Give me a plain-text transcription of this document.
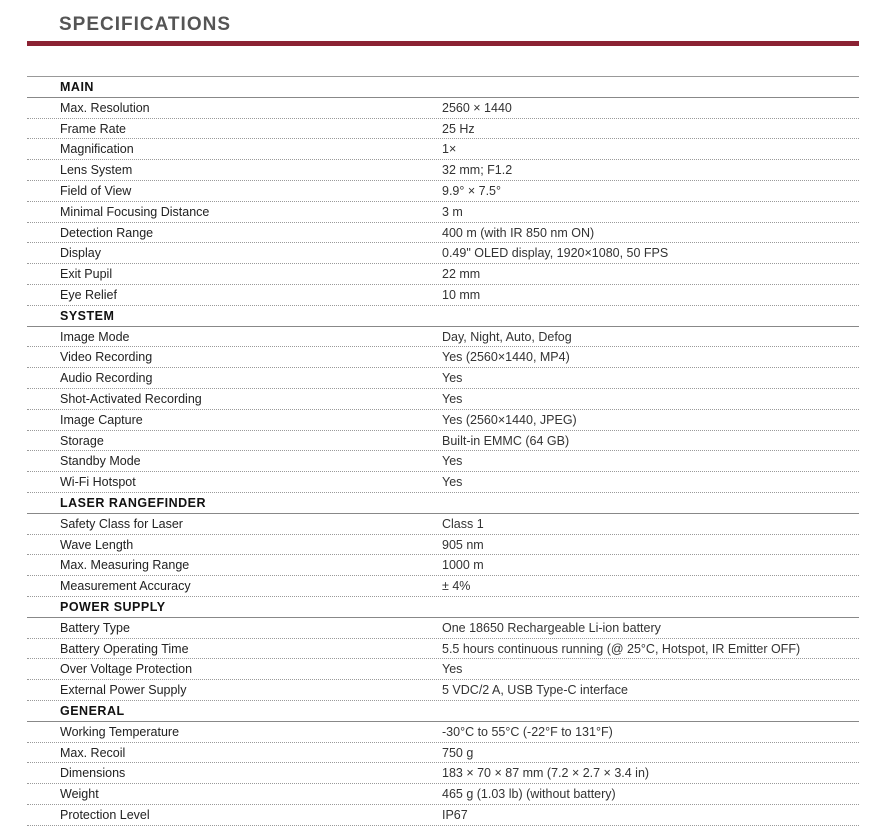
SPECIFICATIONS
MAIN
Max. Resolution	2560 × 1440
Frame Rate	25 Hz
Magnification	1×
Lens System	32 mm; F1.2
Field of View	9.9° × 7.5°
Minimal Focusing Distance	3 m
Detection Range	400 m (with IR 850 nm ON)
Display	0.49" OLED display, 1920×1080, 50 FPS
Exit Pupil	22 mm
Eye Relief	10 mm
SYSTEM
Image Mode	Day, Night, Auto, Defog
Video Recording	Yes (2560×1440, MP4)
Audio Recording	Yes
Shot-Activated Recording	Yes
Image Capture	Yes (2560×1440, JPEG)
Storage	Built-in EMMC (64 GB)
Standby Mode	Yes
Wi-Fi Hotspot	Yes
LASER RANGEFINDER
Safety Class for Laser	Class 1
Wave Length	905 nm
Max. Measuring Range	1000 m
Measurement Accuracy	± 4%
POWER SUPPLY
Battery Type	One 18650 Rechargeable Li-ion battery
Battery Operating Time	5.5 hours continuous running (@ 25°C, Hotspot, IR Emitter OFF)
Over Voltage Protection	Yes
External Power Supply	5 VDC/2 A, USB Type-C interface
GENERAL
Working Temperature	-30°C to 55°C (-22°F to 131°F)
Max. Recoil	750 g
Dimensions	183 × 70 × 87 mm (7.2 × 2.7 × 3.4 in)
Weight	465 g (1.03 lb) (without battery)
Protection Level	IP67
